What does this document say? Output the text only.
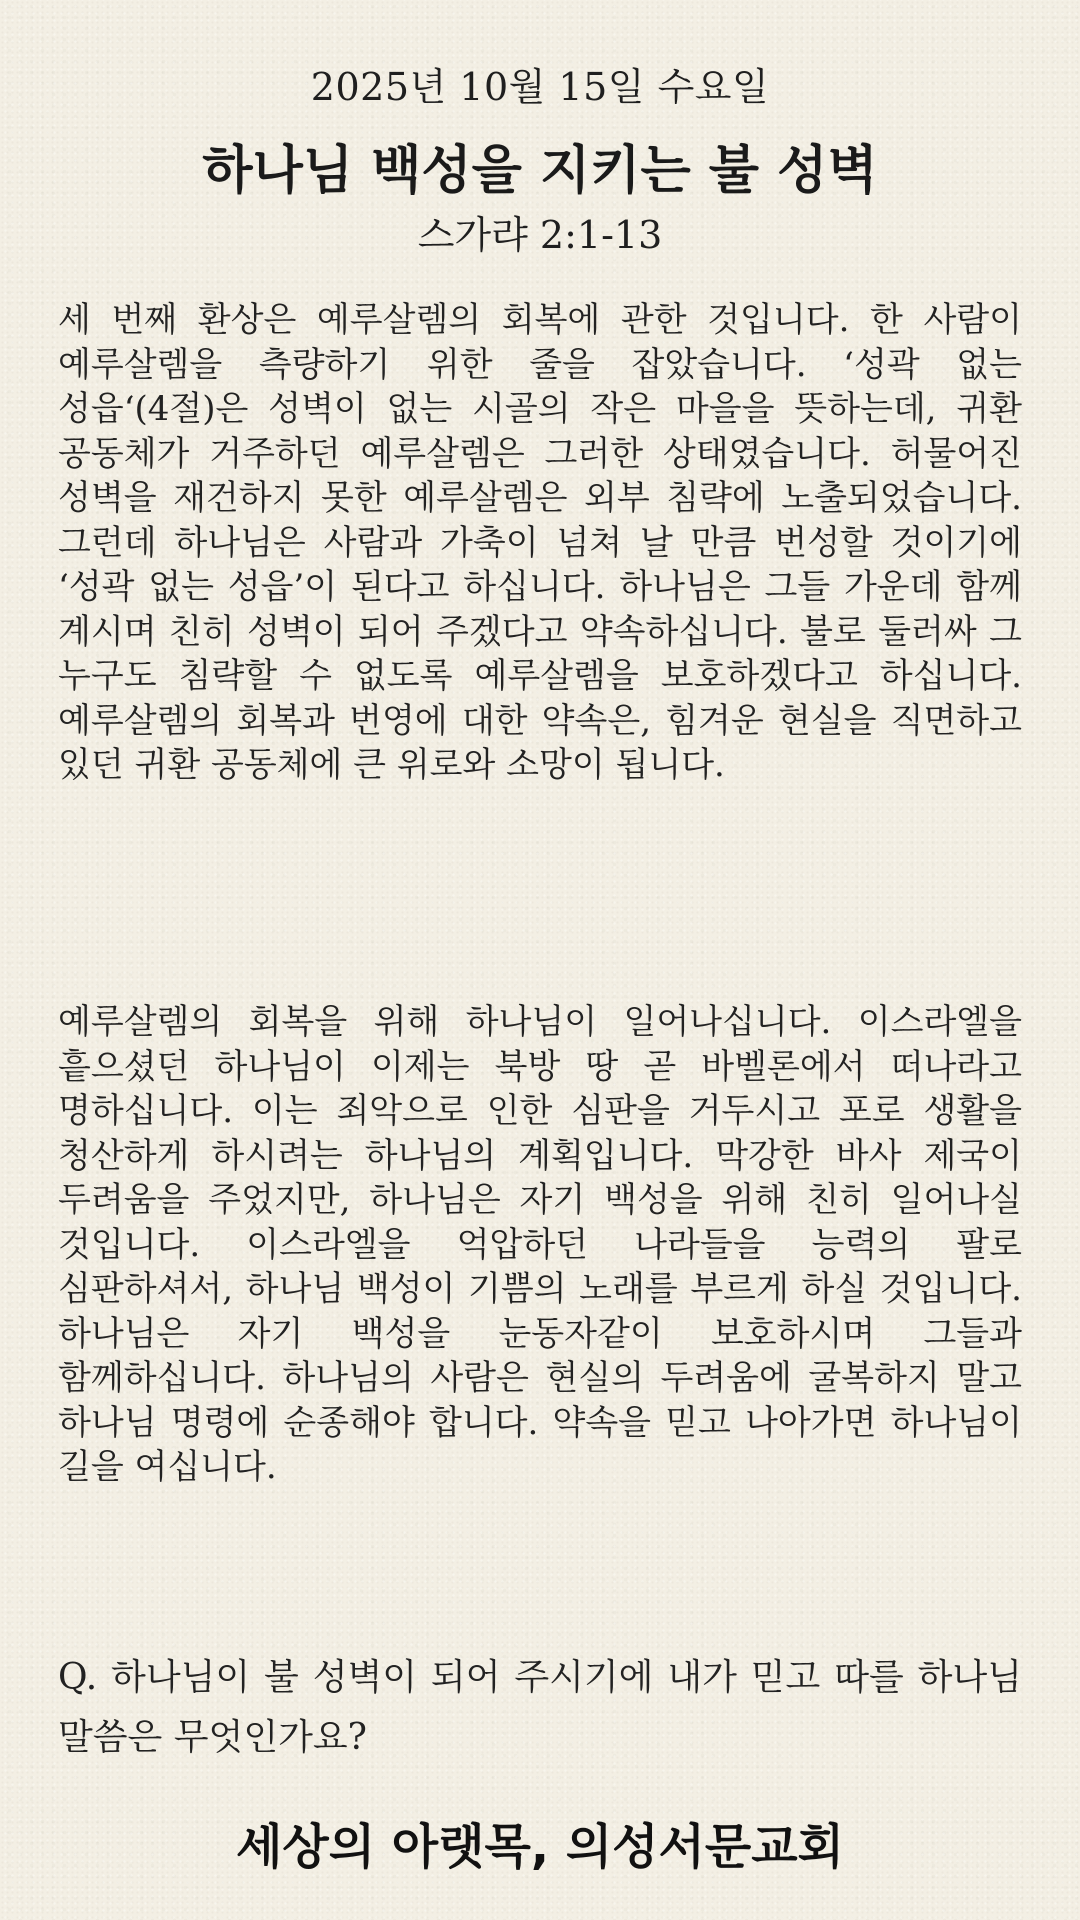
2025년 10월 15일 수요일
하나님 백성을 지키는 불 성벽
스가랴 2:1-13
세 번째 환상은 예루살렘의 회복에 관한 것입니다. 한 사람이 예루살렘을 측량하기 위한 줄을 잡았습니다. ‘성곽 없는 성읍‘(4절)은 성벽이 없는 시골의 작은 마을을 뜻하는데, 귀환 공동체가 거주하던 예루살렘은 그러한 상태였습니다. 허물어진 성벽을 재건하지 못한 예루살렘은 외부 침략에 노출되었습니다. 그런데 하나님은 사람과 가축이 넘쳐 날 만큼 번성할 것이기에 ‘성곽 없는 성읍’이 된다고 하십니다. 하나님은 그들 가운데 함께 계시며 친히 성벽이 되어 주겠다고 약속하십니다. 불로 둘러싸 그 누구도 침략할 수 없도록 예루살렘을 보호하겠다고 하십니다. 예루살렘의 회복과 번영에 대한 약속은, 힘겨운 현실을 직면하고 있던 귀환 공동체에 큰 위로와 소망이 됩니다.
예루살렘의 회복을 위해 하나님이 일어나십니다. 이스라엘을 흩으셨던 하나님이 이제는 북방 땅 곧 바벨론에서 떠나라고 명하십니다. 이는 죄악으로 인한 심판을 거두시고 포로 생활을 청산하게 하시려는 하나님의 계획입니다. 막강한 바사 제국이 두려움을 주었지만, 하나님은 자기 백성을 위해 친히 일어나실 것입니다. 이스라엘을 억압하던 나라들을 능력의 팔로 심판하셔서, 하나님 백성이 기쁨의 노래를 부르게 하실 것입니다. 하나님은 자기 백성을 눈동자같이 보호하시며 그들과 함께하십니다. 하나님의 사람은 현실의 두려움에 굴복하지 말고 하나님 명령에 순종해야 합니다. 약속을 믿고 나아가면 하나님이 길을 여십니다.
Q. 하나님이 불 성벽이 되어 주시기에 내가 믿고 따를 하나님 말씀은 무엇인가요?
세상의 아랫목, 의성서문교회
